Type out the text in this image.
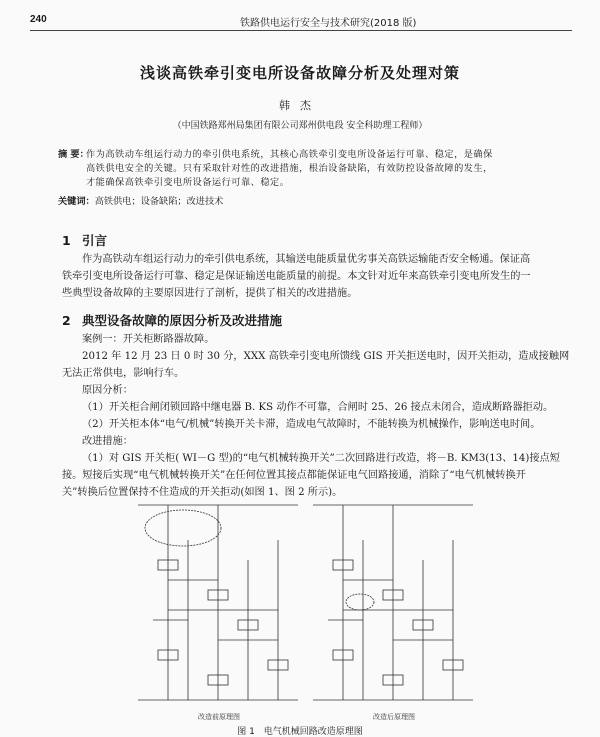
240	铁路供电运行安全与技术研究(2018 版)
浅谈高铁牵引变电所设备故障分析及处理对策
韩杰
（中国铁路郑州局集团有限公司郑州供电段 安全科助理工程师）
摘 要：
作为高铁动车组运行动力的牵引供电系统，其核心高铁牵引变电所设备运行可靠、稳定，是确保
高铁供电安全的关键。只有采取针对性的改进措施，根治设备缺陷，有效防控设备故障的发生，
才能确保高铁牵引变电所设备运行可靠、稳定。
关键词：高铁供电；设备缺陷；改进技术
1 引言
作为高铁动车组运行动力的牵引供电系统，其输送电能质量优劣事关高铁运输能否安全畅通。保证高
铁牵引变电所设备运行可靠、稳定是保证输送电能质量的前提。本文针对近年来高铁牵引变电所发生的一
些典型设备故障的主要原因进行了剖析，提供了相关的改进措施。
2 典型设备故障的原因分析及改进措施
案例一：开关柜断路器故障。
2012 年 12 月 23 日 0 时 30 分，XXX 高铁牵引变电所馈线 GIS 开关拒送电时，因开关拒动，造成接触网
无法正常供电，影响行车。
原因分析：
（1）开关柜合闸闭锁回路中继电器 B. KS 动作不可靠，合闸时 25、26 接点未闭合，造成断路器拒动。
（2）开关柜本体“电气/机械”转换开关卡滞，造成电气故障时，不能转换为机械操作，影响送电时间。
改进措施：
（1）对 GIS 开关柜( WI－G 型)的“电气机械转换开关”二次回路进行改造，将－B. KM3(13、14)接点短
接。短接后实现“电气机械转换开关”在任何位置其接点都能保证电气回路接通，消除了“电气机械转换开
关”转换后位置保持不住造成的开关拒动(如图 1、图 2 所示)。
改造前原理图	改造后原理图
图 1　电气机械回路改造原理图
